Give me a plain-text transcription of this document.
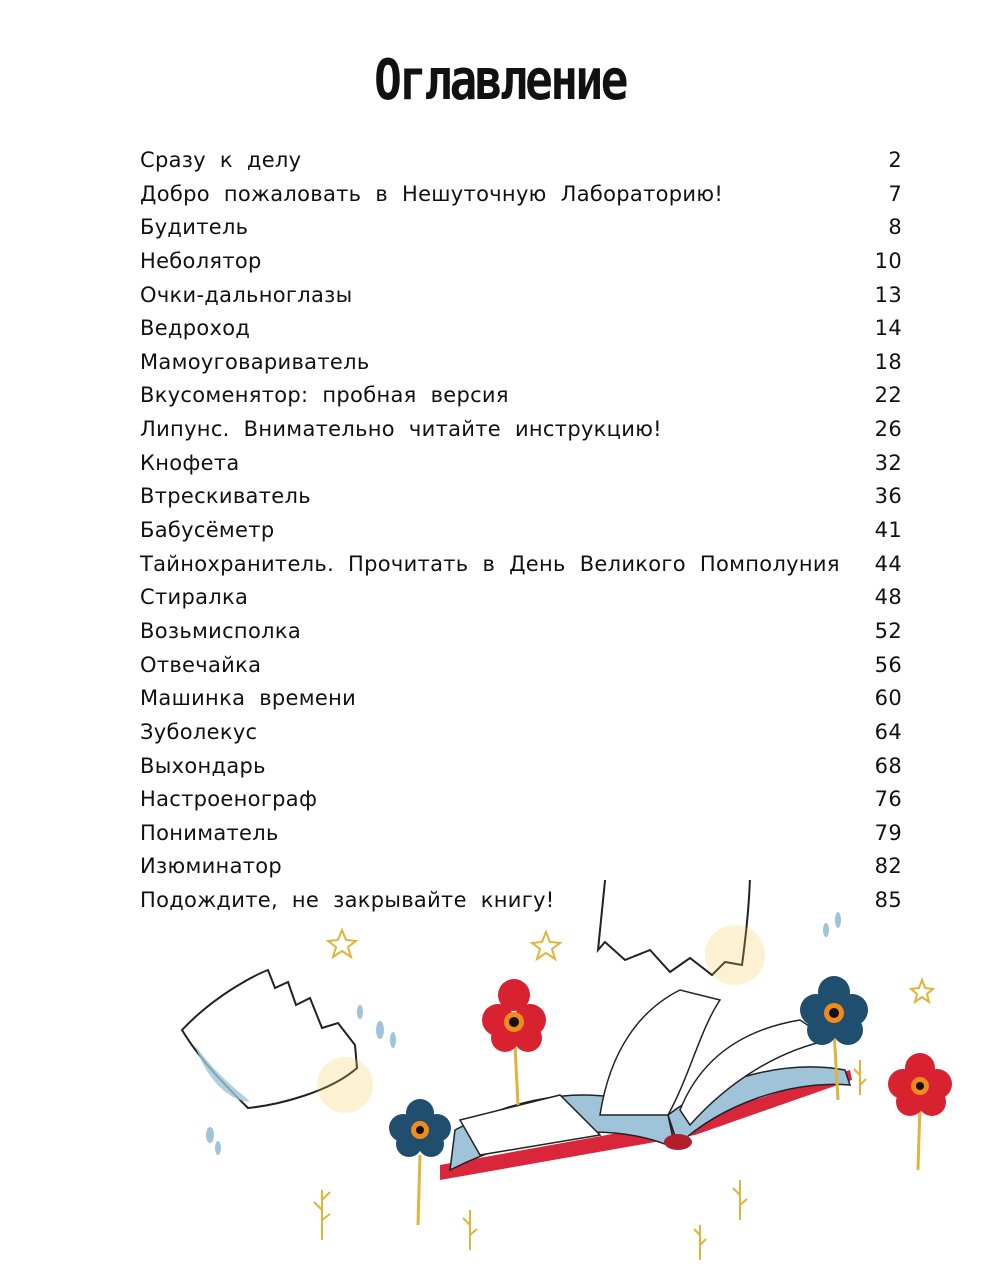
Оглавление
Сразу к делу	2
Добро пожаловать в Нешуточную Лабораторию!	7
Будитель	8
Неболятор	10
Очки-дальноглазы	13
Ведроход	14
Мамоуговариватель	18
Вкусоменятор: пробная версия	22
Липунс. Внимательно читайте инструкцию!	26
Кнофета	32
Втрескиватель	36
Бабусёметр	41
Тайнохранитель. Прочитать в День Великого Помполуния 44
Стиралка	48
Возьмисполка	52
Отвечайка	56
Машинка времени	60
Зуболекус	64
Выхондарь	68
Настроенограф	76
Пониматель	79
Изюминатор	82
Подождите, не закрывайте книгу!	85
